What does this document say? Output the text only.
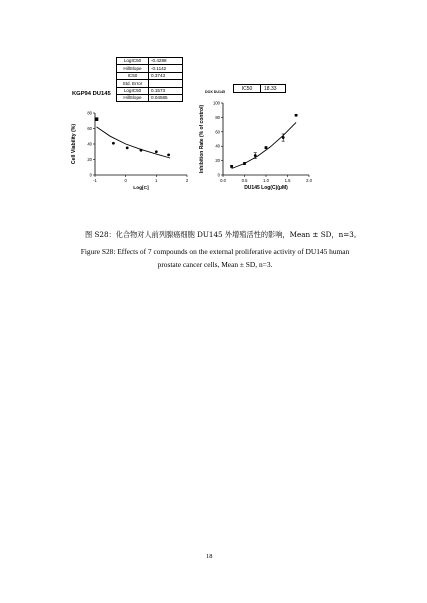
LogIC50	-0.4288
HillSlope	-0.1142
IC50	0.3743
Std. Error	
LogIC50	0.1573
HillSlope	0.04585
KGP94 DU145	DOX DU145
IC50	18.33
-1	0	1	2
0
20
40
60
80
Log[C]
Cell Viability (%)
0.0	0.5	1.0	1.5	2.0
0
20
40
60
80
100
DU145 Log(C)(μM)
Inhibition Rate (% of control)
图 S28：化合物对人前列腺癌细胞 DU145 外增殖活性的影响，Mean ± SD，n=3。
Figure S28: Effects of 7 compounds on the external proliferative activity of DU145 human
prostate cancer cells, Mean ± SD, n=3.
18
